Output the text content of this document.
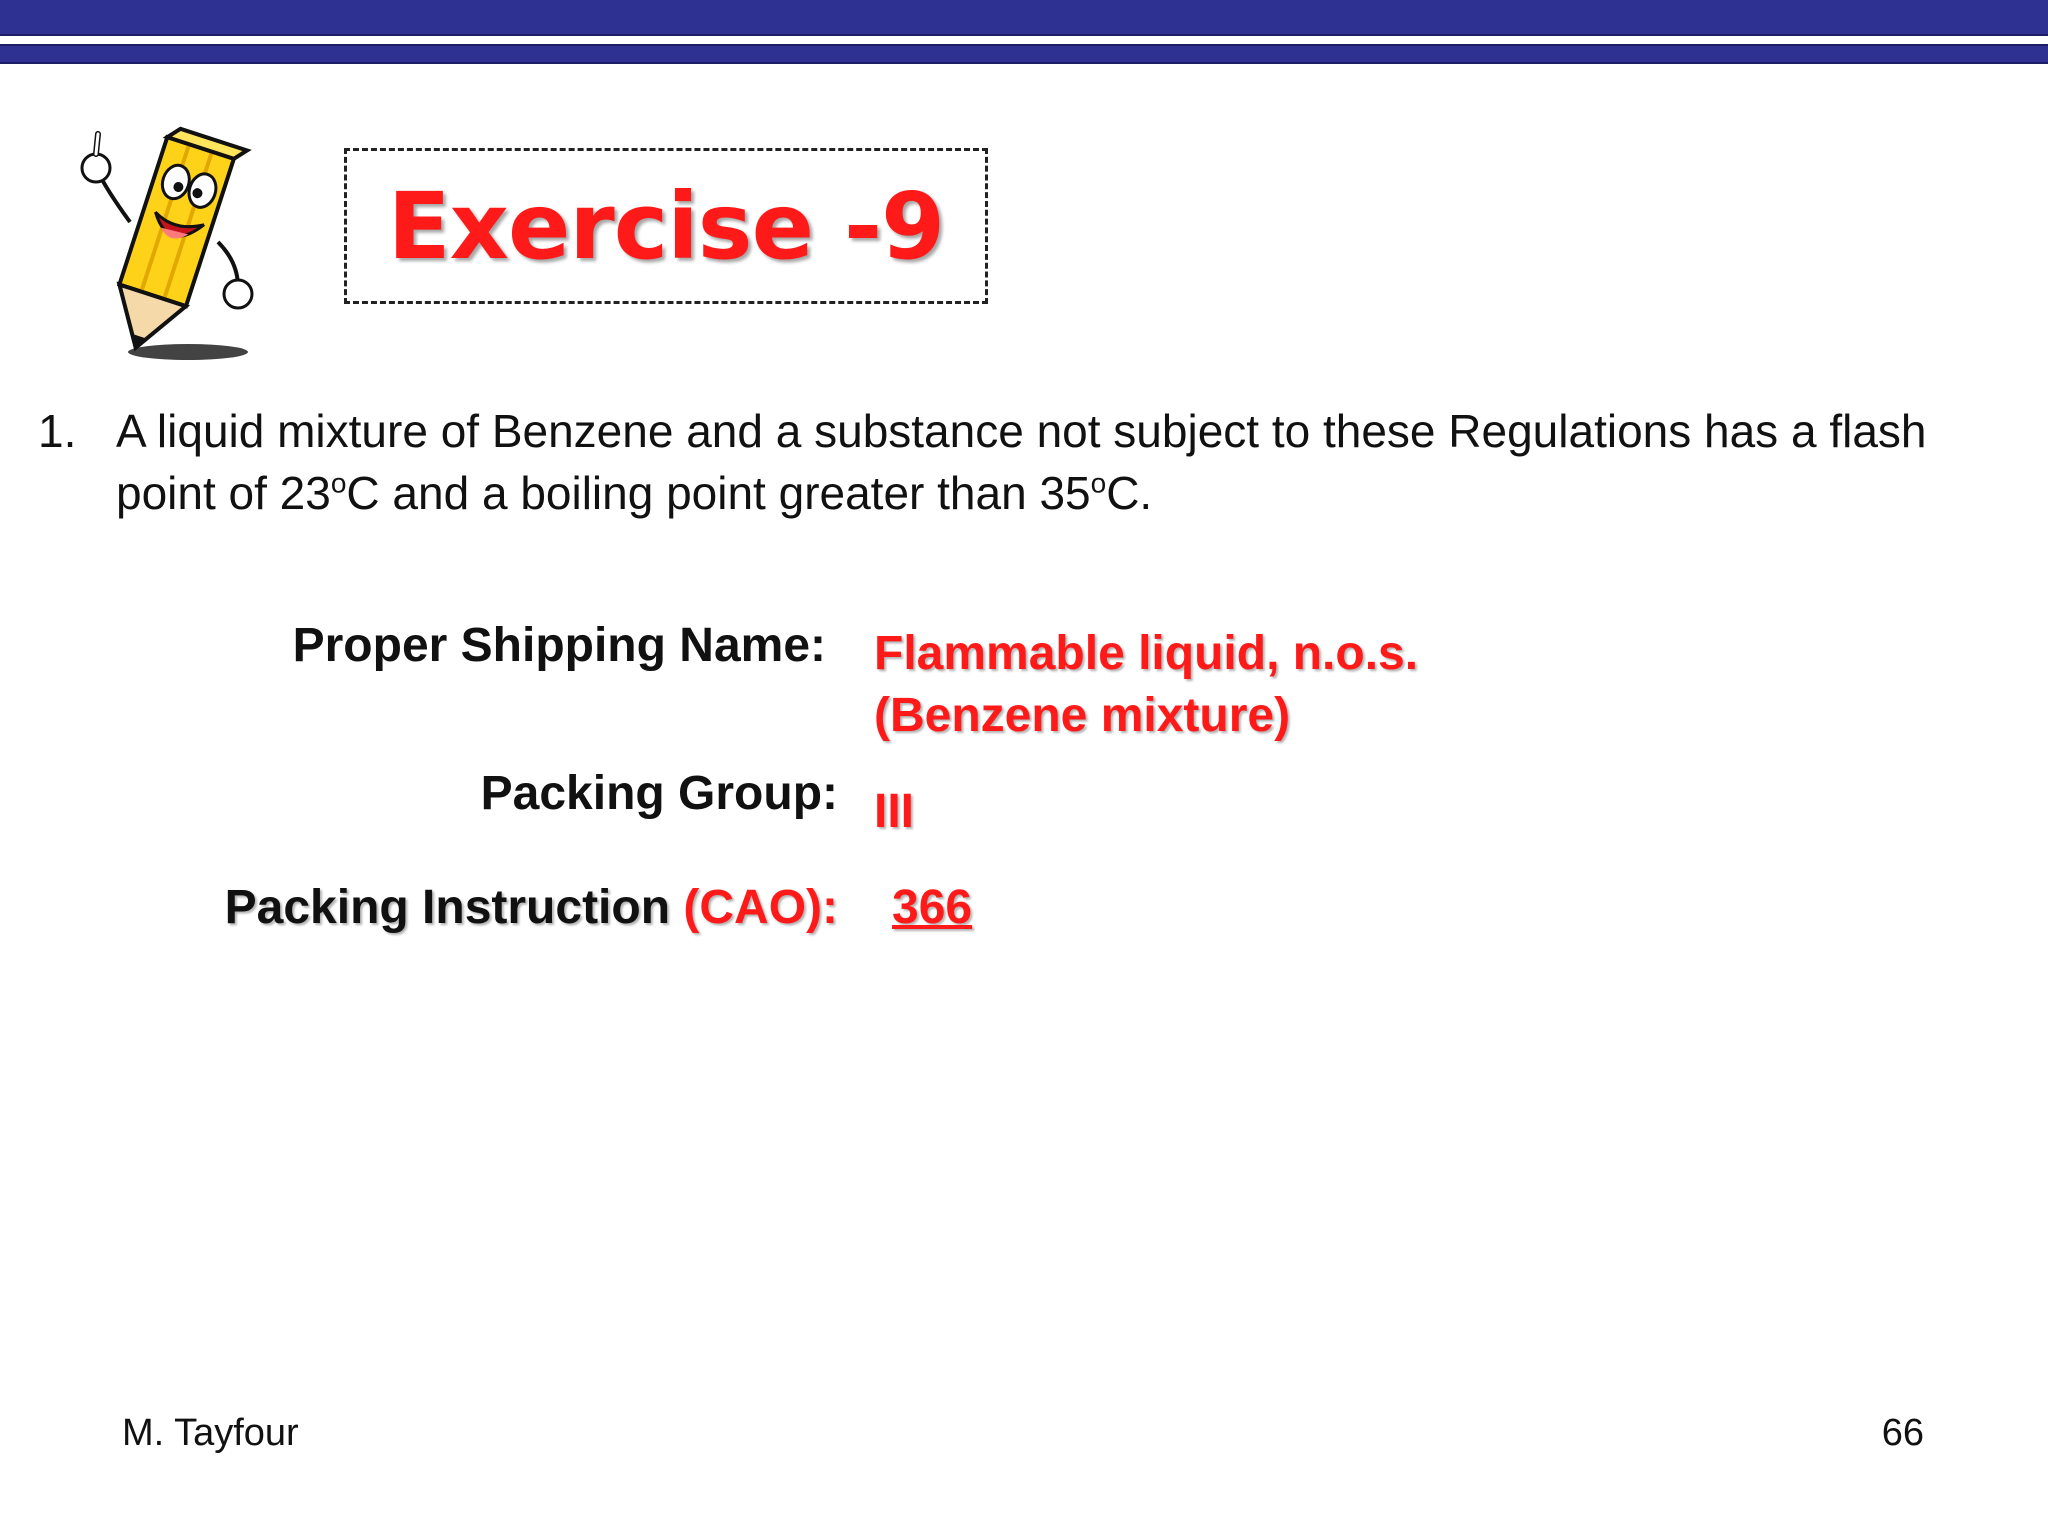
Exercise -9
1. A liquid mixture of Benzene and a substance not subject to these Regulations has a flash point of 23$^o$C and a boiling point greater than 35$^o$C.
Proper Shipping Name: Flammable liquid, n.o.s.
(Benzene mixture)
Packing Group: III
Packing Instruction (CAO): 366
M. Tayfour	66
